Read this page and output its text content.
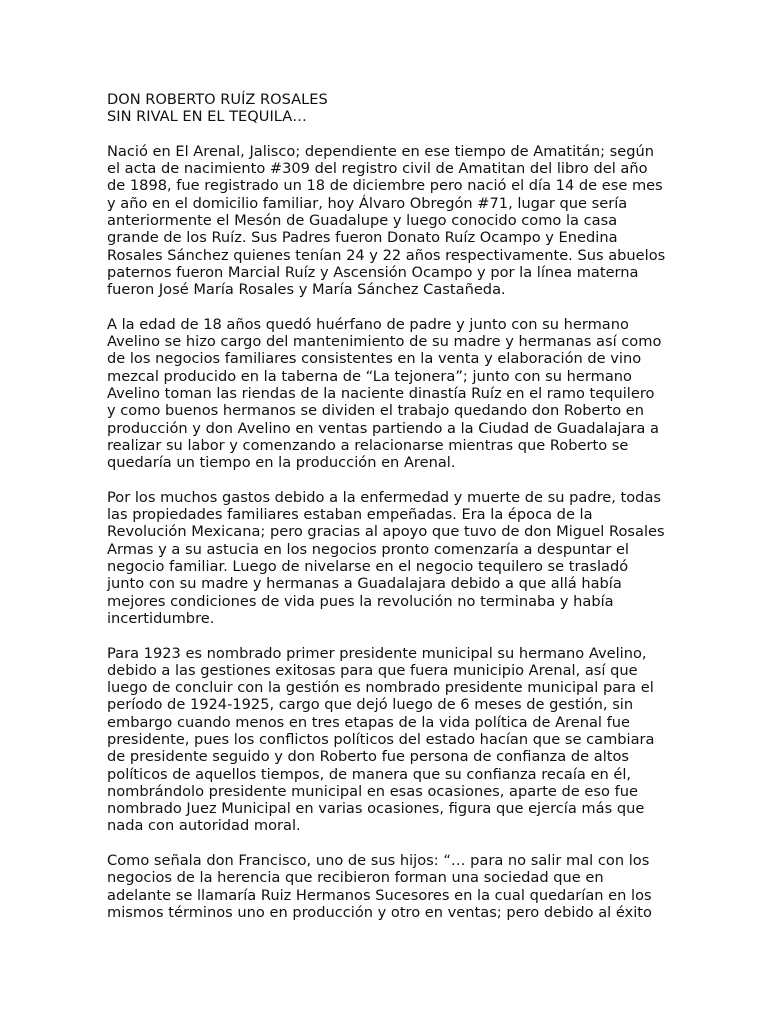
DON ROBERTO RUÍZ ROSALES
SIN RIVAL EN EL TEQUILA…
Nació en El Arenal, Jalisco; dependiente en ese tiempo de Amatitán; según
el acta de nacimiento #309 del registro civil de Amatitan del libro del año
de 1898, fue registrado un 18 de diciembre pero nació el día 14 de ese mes
y año en el domicilio familiar, hoy Álvaro Obregón #71, lugar que sería
anteriormente el Mesón de Guadalupe y luego conocido como la casa
grande de los Ruíz. Sus Padres fueron Donato Ruíz Ocampo y Enedina
Rosales Sánchez quienes tenían 24 y 22 años respectivamente. Sus abuelos
paternos fueron Marcial Ruíz y Ascensión Ocampo y por la línea materna
fueron José María Rosales y María Sánchez Castañeda.
A la edad de 18 años quedó huérfano de padre y junto con su hermano
Avelino se hizo cargo del mantenimiento de su madre y hermanas así como
de los negocios familiares consistentes en la venta y elaboración de vino
mezcal producido en la taberna de “La tejonera”; junto con su hermano
Avelino toman las riendas de la naciente dinastía Ruíz en el ramo tequilero
y como buenos hermanos se dividen el trabajo quedando don Roberto en
producción y don Avelino en ventas partiendo a la Ciudad de Guadalajara a
realizar su labor y comenzando a relacionarse mientras que Roberto se
quedaría un tiempo en la producción en Arenal.
Por los muchos gastos debido a la enfermedad y muerte de su padre, todas
las propiedades familiares estaban empeñadas. Era la época de la
Revolución Mexicana; pero gracias al apoyo que tuvo de don Miguel Rosales
Armas y a su astucia en los negocios pronto comenzaría a despuntar el
negocio familiar. Luego de nivelarse en el negocio tequilero se trasladó
junto con su madre y hermanas a Guadalajara debido a que allá había
mejores condiciones de vida pues la revolución no terminaba y había
incertidumbre.
Para 1923 es nombrado primer presidente municipal su hermano Avelino,
debido a las gestiones exitosas para que fuera municipio Arenal, así que
luego de concluir con la gestión es nombrado presidente municipal para el
período de 1924-1925, cargo que dejó luego de 6 meses de gestión, sin
embargo cuando menos en tres etapas de la vida política de Arenal fue
presidente, pues los conflictos políticos del estado hacían que se cambiara
de presidente seguido y don Roberto fue persona de confianza de altos
políticos de aquellos tiempos, de manera que su confianza recaía en él,
nombrándolo presidente municipal en esas ocasiones, aparte de eso fue
nombrado Juez Municipal en varias ocasiones, figura que ejercía más que
nada con autoridad moral.
Como señala don Francisco, uno de sus hijos: “… para no salir mal con los
negocios de la herencia que recibieron forman una sociedad que en
adelante se llamaría Ruiz Hermanos Sucesores en la cual quedarían en los
mismos términos uno en producción y otro en ventas; pero debido al éxito
